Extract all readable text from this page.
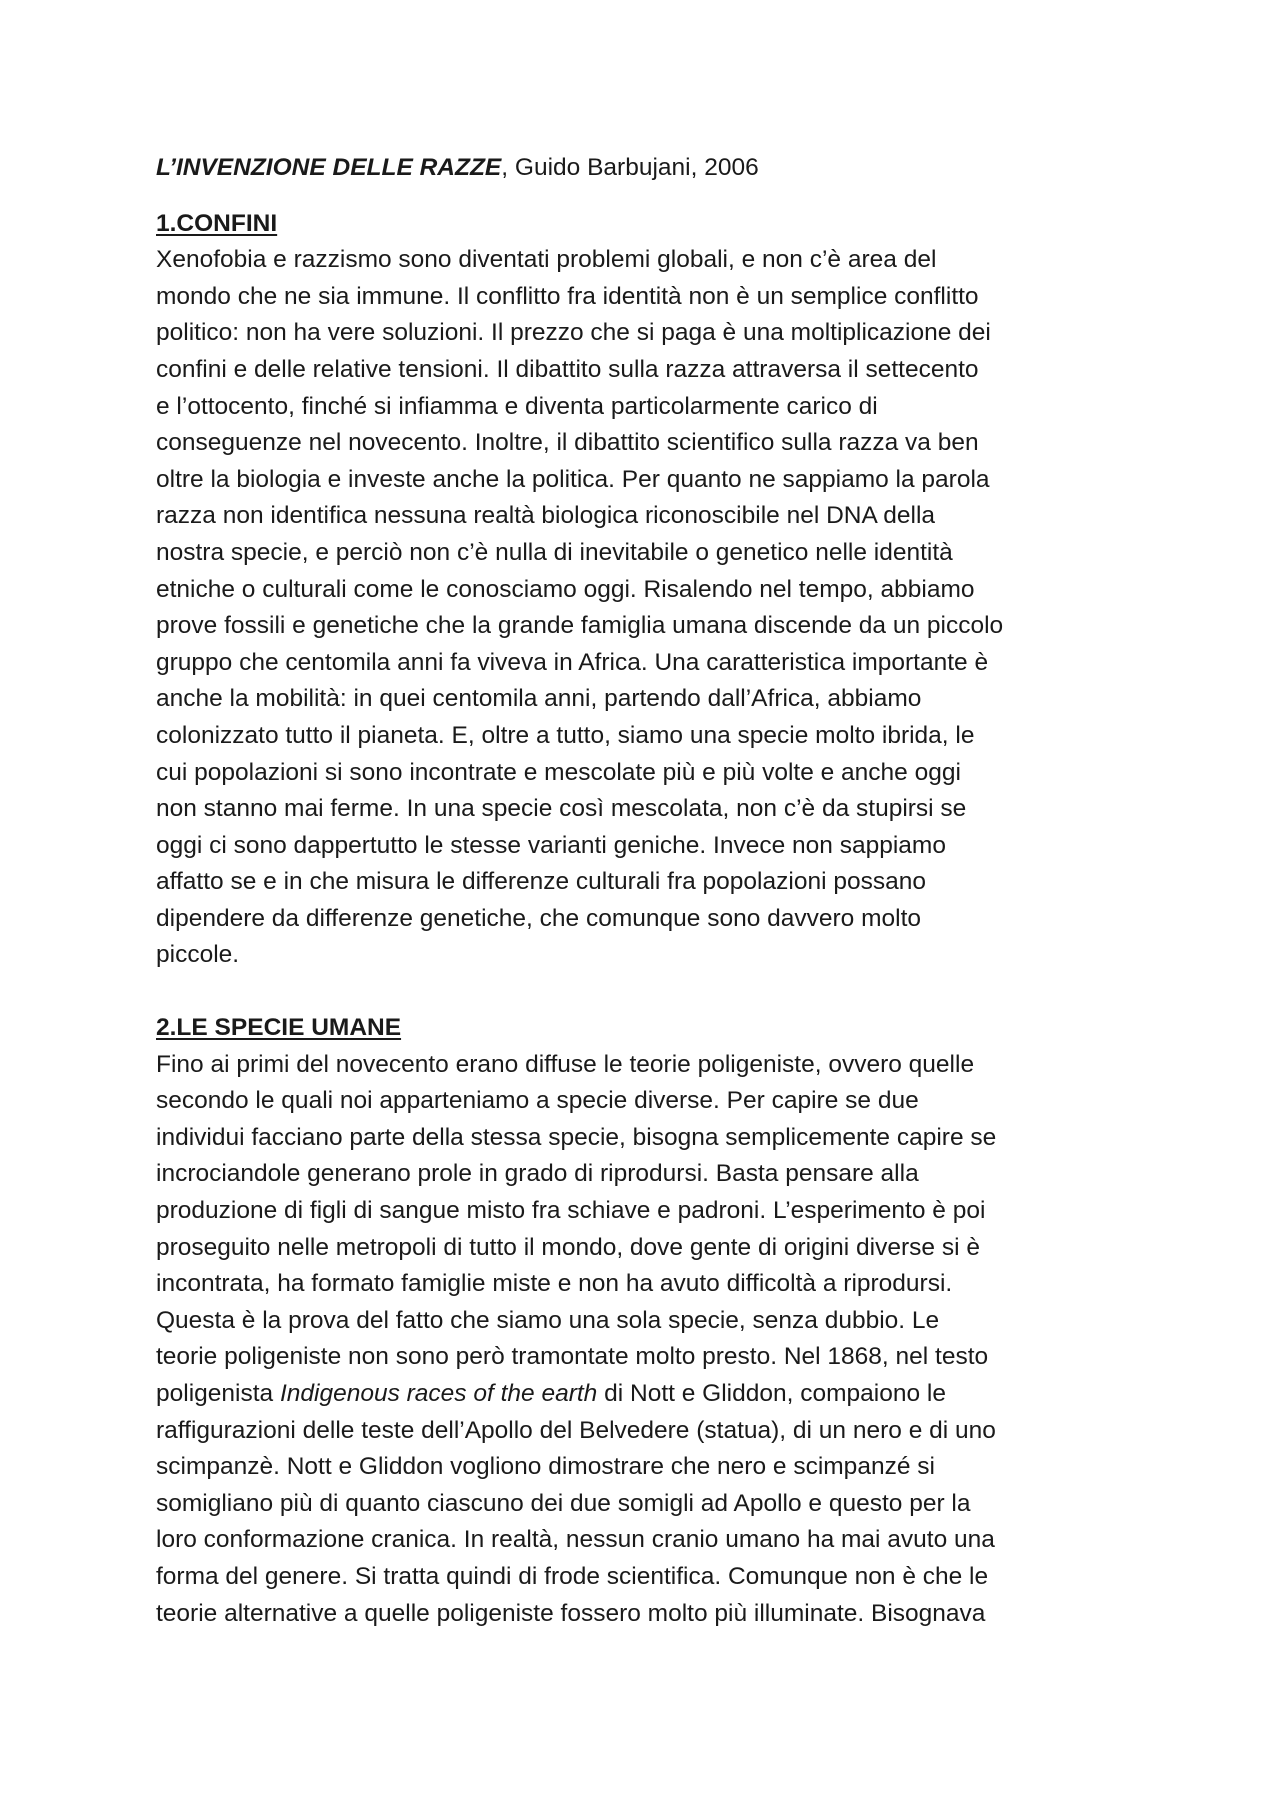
L’INVENZIONE DELLE RAZZE, Guido Barbujani, 2006

1.CONFINI

Xenofobia e razzismo sono diventati problemi globali, e non c’è area del

mondo che ne sia immune. Il conflitto fra identità non è un semplice conflitto

politico: non ha vere soluzioni. Il prezzo che si paga è una moltiplicazione dei

confini e delle relative tensioni. Il dibattito sulla razza attraversa il settecento

e l’ottocento, finché si infiamma e diventa particolarmente carico di

conseguenze nel novecento. Inoltre, il dibattito scientifico sulla razza va ben

oltre la biologia e investe anche la politica. Per quanto ne sappiamo la parola

razza non identifica nessuna realtà biologica riconoscibile nel DNA della

nostra specie, e perciò non c’è nulla di inevitabile o genetico nelle identità

etniche o culturali come le conosciamo oggi. Risalendo nel tempo, abbiamo

prove fossili e genetiche che la grande famiglia umana discende da un piccolo

gruppo che centomila anni fa viveva in Africa. Una caratteristica importante è

anche la mobilità: in quei centomila anni, partendo dall’Africa, abbiamo

colonizzato tutto il pianeta. E, oltre a tutto, siamo una specie molto ibrida, le

cui popolazioni si sono incontrate e mescolate più e più volte e anche oggi

non stanno mai ferme. In una specie così mescolata, non c’è da stupirsi se

oggi ci sono dappertutto le stesse varianti geniche. Invece non sappiamo

affatto se e in che misura le differenze culturali fra popolazioni possano

dipendere da differenze genetiche, che comunque sono davvero molto

piccole.

2.LE SPECIE UMANE

Fino ai primi del novecento erano diffuse le teorie poligeniste, ovvero quelle

secondo le quali noi apparteniamo a specie diverse. Per capire se due

individui facciano parte della stessa specie, bisogna semplicemente capire se

incrociandole generano prole in grado di riprodursi. Basta pensare alla

produzione di figli di sangue misto fra schiave e padroni. L’esperimento è poi

proseguito nelle metropoli di tutto il mondo, dove gente di origini diverse si è

incontrata, ha formato famiglie miste e non ha avuto difficoltà a riprodursi.

Questa è la prova del fatto che siamo una sola specie, senza dubbio. Le

teorie poligeniste non sono però tramontate molto presto. Nel 1868, nel testo

poligenista Indigenous races of the earth di Nott e Gliddon, compaiono le

raffigurazioni delle teste dell’Apollo del Belvedere (statua), di un nero e di uno

scimpanzè. Nott e Gliddon vogliono dimostrare che nero e scimpanzé si

somigliano più di quanto ciascuno dei due somigli ad Apollo e questo per la

loro conformazione cranica. In realtà, nessun cranio umano ha mai avuto una

forma del genere. Si tratta quindi di frode scientifica. Comunque non è che le

teorie alternative a quelle poligeniste fossero molto più illuminate. Bisognava
